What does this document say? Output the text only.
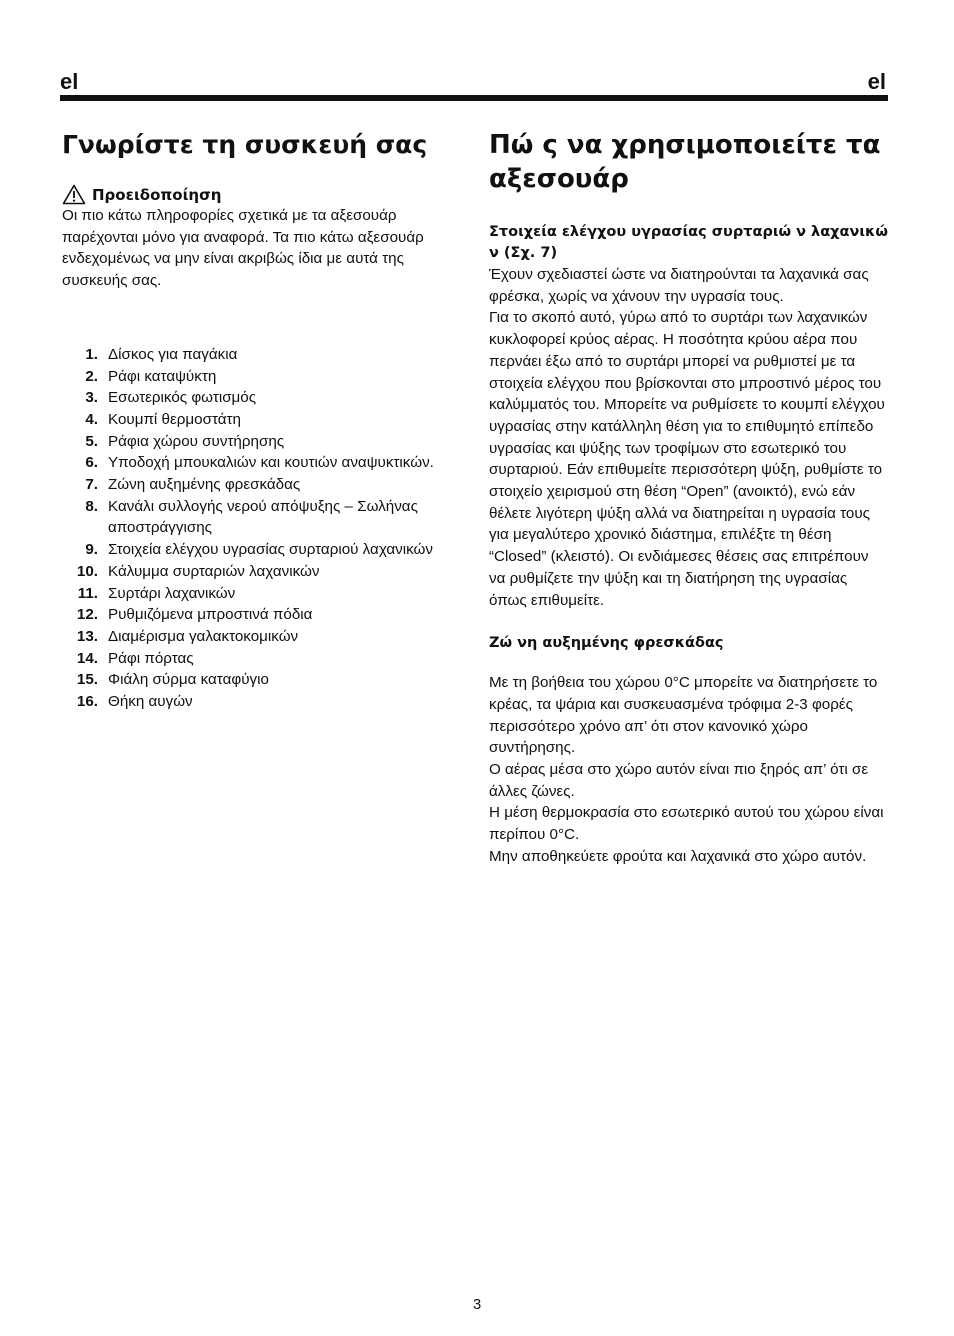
el	el
Γνωρίστε τη συσκευή σας
Προειδοποίηση

Οι πιο κάτω πληροφορίες σχετικά με τα αξεσουάρ παρέχονται μόνο για αναφορά. Τα πιο κάτω αξεσουάρ ενδεχομένως να μην είναι ακριβώς ίδια με αυτά της συσκευής σας.

1. Δίσκος για παγάκια
2. Ράφι καταψύκτη
3. Εσωτερικός φωτισμός
4. Κουμπί θερμοστάτη
5. Ράφια χώρου συντήρησης
6. Υποδοχή μπουκαλιών και κουτιών αναψυκτικών.
7. Ζώνη αυξημένης φρεσκάδας
8. Κανάλι συλλογής νερού απόψυξης – Σωλήνας αποστράγγισης
9. Στοιχεία ελέγχου υγρασίας συρταριού λαχανικών
10. Κάλυμμα συρταριών λαχανικών
11. Συρτάρι λαχανικών
12. Ρυθμιζόμενα μπροστινά πόδια
13. Διαμέρισμα γαλακτοκομικών
14. Ράφι πόρτας
15. Φιάλη σύρμα καταφύγιο
16. Θήκη αυγών
Πώ ς να χρησιμοποιείτε τα αξεσουάρ

Στοιχεία ελέγχου υγρασίας συρταριώ ν λαχανικώ ν (Σχ. 7)

Έχουν σχεδιαστεί ώστε να διατηρούνται τα λαχανικά σας φρέσκα, χωρίς να χάνουν την υγρασία τους.
Για το σκοπό αυτό, γύρω από το συρτάρι των λαχανικών κυκλοφορεί κρύος αέρας. Η ποσότητα κρύου αέρα που περνάει έξω από το συρτάρι μπορεί να ρυθμιστεί με τα στοιχεία ελέγχου που βρίσκονται στο μπροστινό μέρος του καλύμματός του. Μπορείτε να ρυθμίσετε το κουμπί ελέγχου υγρασίας στην κατάλληλη θέση για το επιθυμητό επίπεδο υγρασίας και ψύξης των τροφίμων στο εσωτερικό του συρταριού. Εάν επιθυμείτε περισσότερη ψύξη, ρυθμίστε το στοιχείο χειρισμού στη θέση “Open” (ανοικτό), ενώ εάν θέλετε λιγότερη ψύξη αλλά να διατηρείται η υγρασία τους για μεγαλύτερο χρονικό διάστημα, επιλέξτε τη θέση “Closed” (κλειστό). Οι ενδιάμεσες θέσεις σας επιτρέπουν να ρυθμίζετε την ψύξη και τη διατήρηση της υγρασίας όπως επιθυμείτε.

Ζώ νη αυξημένης φρεσκάδας

Με τη βοήθεια του χώρου 0°C μπορείτε να διατηρήσετε το κρέας, τα ψάρια και συσκευασμένα τρόφιμα 2-3 φορές περισσότερο χρόνο απ’ ότι στον κανονικό χώρο συντήρησης.
Ο αέρας μέσα στο χώρο αυτόν είναι πιο ξηρός απ’ ότι σε άλλες ζώνες.
Η μέση θερμοκρασία στο εσωτερικό αυτού του χώρου είναι περίπου 0°C.
Μην αποθηκεύετε φρούτα και λαχανικά στο χώρο αυτόν.

3
